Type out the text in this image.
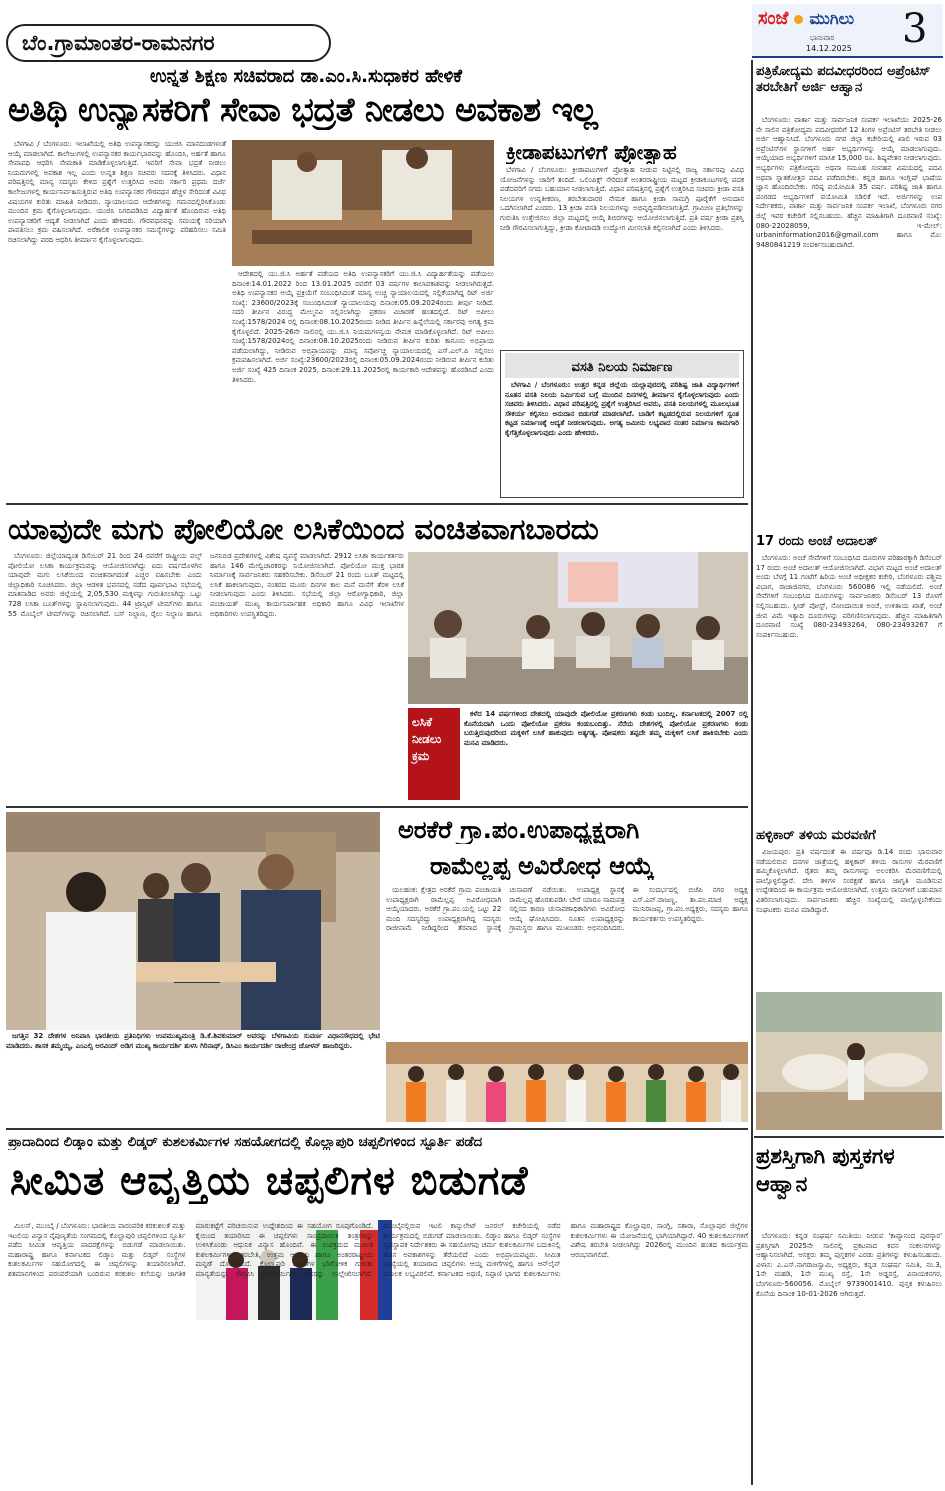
ಬೆಂ.ಗ್ರಾಮಾಂತರ-ರಾಮನಗರ
ಸಂಜೆ ಮುಗಿಲು
ಭಾನುವಾರ
14.12.2025 3
ಉನ್ನತ ಶಿಕ್ಷಣ ಸಚಿವರಾದ ಡಾ.ಎಂ.ಸಿ.ಸುಧಾಕರ ಹೇಳಿಕೆ
ಅತಿಥಿ ಉನ್ಯಾಸಕರಿಗೆ ಸೇವಾ ಭದ್ರತೆ ನೀಡಲು ಅವಕಾಶ ಇಲ್ಲ

ಬೆಳಗಾವಿ / ಬೆಂಗಳೂರು: ಇಲಾಖೆಯಲ್ಲಿ ಅತಿಥಿ ಉಪನ್ಯಾಸಕರನ್ನು ಯುಜಿಸಿ ಮಾನದಂಡಗಳಂತೆ ಆಯ್ಕೆ ಮಾಡಲಾಗಿದೆ. ಕಾಲೇಜುಗಳಲ್ಲಿ ಉಪನ್ಯಾಸಕರ ಕಾರ್ಯಭಾರವನ್ನು ಹೊಂದಿಸಿ, ಅರ್ಹತೆ ಹಾಗೂ ಸೇವಾವಧಿ ಆಧರಿಸಿ ನೇಮಕಾತಿ ಮಾಡಿಕೊಳ್ಳಲಾಗುತ್ತಿದೆ. ಇವರಿಗೆ ಸೇವಾ ಭದ್ರತೆ ನೀಡಲು ನಿಯಮಗಳಲ್ಲಿ ಅವಕಾಶ ಇಲ್ಲ ಎಂದು ಉನ್ನತ ಶಿಕ್ಷಣ ಸಚಿವರು ಸದನಕ್ಕೆ ತಿಳಿಸಿದರು. ವಿಧಾನ ಪರಿಷತ್ತಿನಲ್ಲಿ ಮಾನ್ಯ ಸದಸ್ಯರು ಕೇಳಿದ ಪ್ರಶ್ನೆಗೆ ಉತ್ತರಿಸಿದ ಅವರು ಸರ್ಕಾರಿ ಪ್ರಥಮ ದರ್ಜೆ ಕಾಲೇಜುಗಳಲ್ಲಿ ಕಾರ್ಯನಿರ್ವಹಿಸುತ್ತಿರುವ ಅತಿಥಿ ಉಪನ್ಯಾಸಕರ ಗೌರವಧನ ಹೆಚ್ಚಳ ಸೇರಿದಂತೆ ವಿವಿಧ ವಿಷಯಗಳ ಕುರಿತು ಮಾಹಿತಿ ನೀಡಿದರು. ನ್ಯಾಯಾಲಯದ ಆದೇಶಗಳನ್ನು ಗಮನದಲ್ಲಿರಿಸಿಕೊಂಡು ಮುಂದಿನ ಕ್ರಮ ಕೈಗೊಳ್ಳಲಾಗುವುದು. ಯುಜಿಸಿ ನಿಗದಿಪಡಿಸಿದ ವಿದ್ಯಾರ್ಹತೆ ಹೊಂದಿರುವ ಅತಿಥಿ ಉಪನ್ಯಾಸಕರಿಗೆ ಆದ್ಯತೆ ನೀಡಲಾಗಿದೆ ಎಂದು ಹೇಳಿದರು. ಗೌರವಧನವನ್ನು ಸಮಯಕ್ಕೆ ಸರಿಯಾಗಿ ಪಾವತಿಸಲು ಕ್ರಮ ವಹಿಸಲಾಗಿದೆ. ಅರೆಕಾಲಿಕ ಉಪನ್ಯಾಸಕರ ಸಮಸ್ಯೆಗಳನ್ನು ಪರಿಹರಿಸಲು ಸಮಿತಿ ರಚಿಸಲಾಗಿದ್ದು ವರದಿ ಆಧರಿಸಿ ತೀರ್ಮಾನ ಕೈಗೊಳ್ಳಲಾಗುವುದು.

ಆದೇಶದಲ್ಲಿ ಯು.ಜಿ.ಸಿ ಅರ್ಹತೆ ಪಡೆಯದ ಅತಿಥಿ ಉಪನ್ಯಾಸಕರಿಗೆ ಯು.ಜಿ.ಸಿ ವಿದ್ಯಾರ್ಹತೆಯನ್ನು ಪಡೆಯಲು ದಿನಾಂಕ:14.01.2022 ರಿಂದ 13.01.2025 ರವರೆಗೆ 03 ವರ್ಷಗಳ ಕಾಲಾವಕಾಶವನ್ನು ನೀಡಲಾಗಿರುತ್ತದೆ. ಅತಿಥಿ ಉಪನ್ಯಾಸಕರ ಆಯ್ಕೆ ಪ್ರಕ್ರಿಯೆಗೆ ಸಂಬಂಧಿಸಿದಂತೆ ಮಾನ್ಯ ಉಚ್ಚ ನ್ಯಾಯಾಲಯದಲ್ಲಿ ಸಲ್ಲಿಕೆಯಾಗಿದ್ದ ರಿಟ್ ಅರ್ಜಿ ಸಂಖ್ಯೆ: 23600/2023ಕ್ಕೆ ಸಂಬಂಧಿಸಿದಂತೆ ನ್ಯಾಯಾಲಯವು ದಿನಾಂಕ:05.09.2024ರಂದು ತೀರ್ಪು ನೀಡಿದೆ. ಸದರಿ ತೀರ್ಪಿನ ವಿರುದ್ಧ ಮೇಲ್ಮನವಿ ಸಲ್ಲಿಸಲಾಗಿದ್ದು ಪ್ರಕರಣ ವಿಚಾರಣೆ ಹಂತದಲ್ಲಿದೆ. ರಿಟ್ ಅಪೀಲು ಸಂಖ್ಯೆ:1578/2024 ರಲ್ಲಿ ದಿನಾಂಕ:08.10.2025ರಂದು ನೀಡಿದ ತೀರ್ಪಿನ ಹಿನ್ನೆಲೆಯಲ್ಲಿ ಸರ್ಕಾರವು ಅಗತ್ಯ ಕ್ರಮ ಕೈಗೊಳ್ಳಲಿದೆ. 2025-26ನೇ ಸಾಲಿನಲ್ಲಿ ಯು.ಜಿ.ಸಿ ನಿಯಮಗಳನ್ವಯ ನೇಮಕ ಮಾಡಿಕೊಳ್ಳಲಾಗಿದೆ. ರಿಟ್ ಅಪೀಲು ಸಂಖ್ಯೆ:1578/2024ರಲ್ಲಿ ದಿನಾಂಕ:08.10.2025ರಂದು ನೀಡಿರುವ ತೀರ್ಪಿನ ಕುರಿತು ಕಾನೂನು ಅಭಿಪ್ರಾಯ ಪಡೆಯಲಾಗಿದ್ದು, ನೀಡಿರುವ ಅಭಿಪ್ರಾಯವನ್ನು ಮಾನ್ಯ ಸರ್ವೋಚ್ಚ ನ್ಯಾಯಾಲಯದಲ್ಲಿ ಎಸ್.ಎಲ್.ಪಿ ಸಲ್ಲಿಸಲು ಕ್ರಮವಹಿಸಲಾಗಿದೆ. ಅರ್ಜಿ ಸಂಖ್ಯೆ:23600/2023ರಲ್ಲಿ ದಿನಾಂಕ:05.09.2024ರಂದು ನೀಡಿರುವ ತೀರ್ಪಿನ ಕುರಿತು ಅರ್ಜಿ ಸಂಖ್ಯೆ 425 ದಿನಾಂಕ 2025, ದಿನಾಂಕ:29.11.2025ರಲ್ಲಿ ಕಾರ್ಯಕಾರಿ ಆದೇಶವನ್ನು ಹೊರಡಿಸಿದೆ ಎಂದು ತಿಳಿಸಿದರು.

ಕ್ರೀಡಾಪಟುಗಳಿಗೆ ಪ್ರೋತ್ಸಾಹ

ಬೆಳಗಾವಿ / ಬೆಂಗಳೂರು: ಕ್ರೀಡಾಪಟುಗಳಿಗೆ ಪ್ರೋತ್ಸಾಹ ನೀಡುವ ನಿಟ್ಟಿನಲ್ಲಿ ರಾಜ್ಯ ಸರ್ಕಾರವು ವಿವಿಧ ಯೋಜನೆಗಳನ್ನು ಜಾರಿಗೆ ತಂದಿದೆ. ಒಲಿಂಪಿಕ್ಸ್ ಸೇರಿದಂತೆ ಅಂತರರಾಷ್ಟ್ರೀಯ ಮಟ್ಟದ ಕ್ರೀಡಾಕೂಟಗಳಲ್ಲಿ ಪದಕ ಪಡೆದವರಿಗೆ ನಗದು ಬಹುಮಾನ ನೀಡಲಾಗುತ್ತಿದೆ. ವಿಧಾನ ಪರಿಷತ್ತಿನಲ್ಲಿ ಪ್ರಶ್ನೆಗೆ ಉತ್ತರಿಸಿದ ಸಚಿವರು ಕ್ರೀಡಾ ವಸತಿ ನಿಲಯಗಳ ಉನ್ನತೀಕರಣ, ತರಬೇತುದಾರರ ನೇಮಕ ಹಾಗೂ ಕ್ರೀಡಾ ಸಾಮಗ್ರಿ ಪೂರೈಕೆಗೆ ಅನುದಾನ ಒದಗಿಸಲಾಗಿದೆ ಎಂದರು. 13 ಕ್ರೀಡಾ ವಸತಿ ನಿಲಯಗಳನ್ನು ಅಭಿವೃದ್ಧಿಪಡಿಸಲಾಗುತ್ತಿದೆ. ಗ್ರಾಮೀಣ ಪ್ರತಿಭೆಗಳನ್ನು ಗುರುತಿಸಿ ಉತ್ತೇಜಿಸಲು ಜಿಲ್ಲಾ ಮಟ್ಟದಲ್ಲಿ ಆಯ್ಕೆ ಶಿಬಿರಗಳನ್ನು ಆಯೋಜಿಸಲಾಗುತ್ತಿದೆ. ಪ್ರತಿ ವರ್ಷ ಕ್ರೀಡಾ ಪ್ರಶಸ್ತಿ ನೀಡಿ ಗೌರವಿಸಲಾಗುತ್ತಿದ್ದು, ಕ್ರೀಡಾ ಕೋಟಾದಡಿ ಉದ್ಯೋಗ ಮೀಸಲಾತಿ ಕಲ್ಪಿಸಲಾಗಿದೆ ಎಂದು ತಿಳಿಸಿದರು.

ವಸತಿ ನಿಲಯ ನಿರ್ಮಾಣ

ಬೆಳಗಾವಿ / ಬೆಂಗಳೂರು: ಉತ್ತರ ಕನ್ನಡ ಜಿಲ್ಲೆಯ ಯಲ್ಲಾಪುರದಲ್ಲಿ ಪರಿಶಿಷ್ಟ ಜಾತಿ ವಿದ್ಯಾರ್ಥಿಗಳಿಗೆ ನೂತನ ವಸತಿ ನಿಲಯ ನಿರ್ಮಿಸುವ ಬಗ್ಗೆ ಮುಂದಿನ ದಿನಗಳಲ್ಲಿ ತೀರ್ಮಾನ ಕೈಗೊಳ್ಳಲಾಗುವುದು ಎಂದು ಸಚಿವರು ತಿಳಿಸಿದರು. ವಿಧಾನ ಪರಿಷತ್ತಿನಲ್ಲಿ ಪ್ರಶ್ನೆಗೆ ಉತ್ತರಿಸಿದ ಅವರು, ವಸತಿ ನಿಲಯಗಳಲ್ಲಿ ಮೂಲಭೂತ ಸೌಕರ್ಯ ಕಲ್ಪಿಸಲು ಅನುದಾನ ಬಿಡುಗಡೆ ಮಾಡಲಾಗಿದೆ. ಬಾಡಿಗೆ ಕಟ್ಟಡದಲ್ಲಿರುವ ನಿಲಯಗಳಿಗೆ ಸ್ವಂತ ಕಟ್ಟಡ ನಿರ್ಮಾಣಕ್ಕೆ ಆದ್ಯತೆ ನೀಡಲಾಗುವುದು. ಅಗತ್ಯ ಜಮೀನು ಲಭ್ಯವಾದ ನಂತರ ನಿರ್ಮಾಣ ಕಾಮಗಾರಿ ಕೈಗೆತ್ತಿಕೊಳ್ಳಲಾಗುವುದು ಎಂದು ಹೇಳಿದರು.

ಯಾವುದೇ ಮಗು ಪೋಲಿಯೋ ಲಸಿಕೆಯಿಂದ ವಂಚಿತವಾಗಬಾರದು

ಬೆಂಗಳೂರು: ಜಿಲ್ಲೆಯಾದ್ಯಂತ ಡಿಸೆಂಬರ್ 21 ರಿಂದ 24 ರವರೆಗೆ ರಾಷ್ಟ್ರೀಯ ಪಲ್ಸ್ ಪೋಲಿಯೋ ಲಸಿಕಾ ಕಾರ್ಯಕ್ರಮವನ್ನು ಆಯೋಜಿಸಲಾಗಿದ್ದು ಐದು ವರ್ಷದೊಳಗಿನ ಯಾವುದೇ ಮಗು ಲಸಿಕೆಯಿಂದ ವಂಚಿತವಾಗದಂತೆ ಎಚ್ಚರ ವಹಿಸಬೇಕು ಎಂದು ಜಿಲ್ಲಾಧಿಕಾರಿ ಸೂಚಿಸಿದರು. ಜಿಲ್ಲಾ ಆಡಳಿತ ಭವನದಲ್ಲಿ ನಡೆದ ಪೂರ್ವಭಾವಿ ಸಭೆಯಲ್ಲಿ ಮಾತನಾಡಿದ ಅವರು ಜಿಲ್ಲೆಯಲ್ಲಿ 2,05,530 ಮಕ್ಕಳನ್ನು ಗುರುತಿಸಲಾಗಿದ್ದು ಒಟ್ಟು 728 ಲಸಿಕಾ ಬೂತ್‌ಗಳನ್ನು ಸ್ಥಾಪಿಸಲಾಗುವುದು. 44 ಟ್ರಾನ್ಸಿಟ್ ಟೀಮ್‌ಗಳು ಹಾಗೂ 55 ಮೊಬೈಲ್ ಟೀಮ್‌ಗಳನ್ನು ರಚಿಸಲಾಗಿದೆ. ಬಸ್ ನಿಲ್ದಾಣ, ರೈಲು ನಿಲ್ದಾಣ ಹಾಗೂ ಜನನಿಬಿಡ ಪ್ರದೇಶಗಳಲ್ಲಿ ವಿಶೇಷ ವ್ಯವಸ್ಥೆ ಮಾಡಲಾಗಿದೆ. 2912 ಲಸಿಕಾ ಕಾರ್ಯಕರ್ತರು ಹಾಗೂ 146 ಮೇಲ್ವಿಚಾರಕರನ್ನು ನಿಯೋಜಿಸಲಾಗಿದೆ. ಪೋಲಿಯೋ ಮುಕ್ತ ಭಾರತ ನಿರ್ಮಾಣಕ್ಕೆ ಸಾರ್ವಜನಿಕರು ಸಹಕರಿಸಬೇಕು. ಡಿಸೆಂಬರ್ 21 ರಂದು ಬೂತ್ ಮಟ್ಟದಲ್ಲಿ ಲಸಿಕೆ ಹಾಕಲಾಗುವುದು, ನಂತರದ ಮೂರು ದಿನಗಳ ಕಾಲ ಮನೆ ಮನೆಗೆ ತೆರಳಿ ಲಸಿಕೆ ನೀಡಲಾಗುವುದು ಎಂದು ತಿಳಿಸಿದರು. ಸಭೆಯಲ್ಲಿ ಜಿಲ್ಲಾ ಆರೋಗ್ಯಾಧಿಕಾರಿ, ಜಿಲ್ಲಾ ಪಂಚಾಯತ್ ಮುಖ್ಯ ಕಾರ್ಯನಿರ್ವಾಹಕ ಅಧಿಕಾರಿ ಹಾಗೂ ವಿವಿಧ ಇಲಾಖೆಗಳ ಅಧಿಕಾರಿಗಳು ಉಪಸ್ಥಿತರಿದ್ದರು.

ಲಸಿಕೆ ನೀಡಲು ಕ್ರಮ

ಕಳೆದ 14 ವರ್ಷಗಳಿಂದ ದೇಶದಲ್ಲಿ ಯಾವುದೇ ಪೋಲಿಯೋ ಪ್ರಕರಣಗಳು ಕಂಡು ಬಂದಿಲ್ಲ. ಕರ್ನಾಟಕದಲ್ಲಿ 2007 ರಲ್ಲಿ ಕೊನೆಯದಾಗಿ ಒಂದು ಪೋಲಿಯೋ ಪ್ರಕರಣ ಕಂಡುಬಂದಿತ್ತು. ನೆರೆಯ ದೇಶಗಳಲ್ಲಿ ಪೋಲಿಯೋ ಪ್ರಕರಣಗಳು ಕಂಡು ಬರುತ್ತಿರುವುದರಿಂದ ಮಕ್ಕಳಿಗೆ ಲಸಿಕೆ ಹಾಕುವುದು ಅತ್ಯಗತ್ಯ. ಪೋಷಕರು ತಪ್ಪದೇ ತಮ್ಮ ಮಕ್ಕಳಿಗೆ ಲಸಿಕೆ ಹಾಕಿಸಬೇಕು ಎಂದು ಮನವಿ ಮಾಡಿದರು.

ಜಗತ್ತಿನ 32 ದೇಶಗಳ ಅನಿವಾಸಿ ಭಾರತೀಯ ಪ್ರತಿನಿಧಿಗಳು ಉಪಮುಖ್ಯಮಂತ್ರಿ ಡಿ.ಕೆ.ಶಿವಕುಮಾರ್ ಅವರನ್ನು ಬೆಳಗಾವಿಯ ಸುವರ್ಣ ವಿಧಾನಸೌಧದಲ್ಲಿ ಭೇಟಿ ಮಾಡಿದರು. ಶಾಸಕ ತಮ್ಮಯ್ಯ, ಎಂಎಲ್ಸಿ ಅರವಿಂದ್ ಅಡಿಗ ಮುಖ್ಯ ಕಾರ್ಯದರ್ಶಿ ತುಳಸಿ ಗಿರಿನಾಥ್, ಡಿಸಿಎಂ ಕಾರ್ಯದರ್ಶಿ ರಾಜೇಂದ್ರ ಚೋಳನ್ ಹಾಜರಿದ್ದರು.

ಅರಕೆರೆ ಗ್ರಾ.ಪಂ.ಉಪಾಧ್ಯಕ್ಷರಾಗಿ
ರಾಮೆಲ್ಲಪ್ಪ ಅವಿರೋಧ ಆಯ್ಕೆ

ಯಲಹಂಕ: ಕ್ಷೇತ್ರದ ಅರಕೆರೆ ಗ್ರಾಮ ಪಂಚಾಯತಿ ಉಪಾಧ್ಯಕ್ಷರಾಗಿ ರಾಮೆಲ್ಲಪ್ಪ ಅವಿರೋಧವಾಗಿ ಆಯ್ಕೆಯಾದರು. ಅರಕೆರೆ ಗ್ರಾ.ಪಂ.ಯಲ್ಲಿ ಒಟ್ಟು 22 ಮಂದಿ ಸದಸ್ಯರಿದ್ದು ಉಪಾಧ್ಯಕ್ಷರಾಗಿದ್ದ ಸದಸ್ಯರು ರಾಜೀನಾಮೆ ನೀಡಿದ್ದರಿಂದ ತೆರವಾದ ಸ್ಥಾನಕ್ಕೆ ಚುನಾವಣೆ ನಡೆಯಿತು. ಉಪಾಧ್ಯಕ್ಷ ಸ್ಥಾನಕ್ಕೆ ರಾಮೆಲ್ಲಪ್ಪ ಹೊರತುಪಡಿಸಿ ಬೇರೆ ಯಾರೂ ನಾಮಪತ್ರ ಸಲ್ಲಿಸದ ಕಾರಣ ಚುನಾವಣಾಧಿಕಾರಿಗಳು ಅವಿರೋಧ ಆಯ್ಕೆ ಘೋಷಿಸಿದರು. ನೂತನ ಉಪಾಧ್ಯಕ್ಷರನ್ನು ಗ್ರಾಮಸ್ಥರು ಹಾಗೂ ಮುಖಂಡರು ಅಭಿನಂದಿಸಿದರು. ಈ ಸಂದರ್ಭದಲ್ಲಿ ಬಿಜೆಪಿ ನಗರ ಅಧ್ಯಕ್ಷ ಎಸ್.ಎನ್.ರಾಜಣ್ಣ, ತಾ.ಪಂ.ಮಾಜಿ ಅಧ್ಯಕ್ಷ ಮುನಿರಾಜಪ್ಪ, ಗ್ರಾ.ಪಂ.ಅಧ್ಯಕ್ಷರು, ಸದಸ್ಯರು ಹಾಗೂ ಕಾರ್ಯಕರ್ತರು ಉಪಸ್ಥಿತರಿದ್ದರು.

ಪ್ರಾದಾದಿಂದ ಲಿಡ್ಕಾಂ ಮತ್ತು ಲಿಡ್ಕರ್ ಕುಶಲಕರ್ಮಿಗಳ ಸಹಯೋಗದಲ್ಲಿ ಕೊಲ್ಹಾಪುರಿ ಚಪ್ಪಲಿಗಳಿಂದ ಸ್ಫೂರ್ತಿ ಪಡೆದ
ಸೀಮಿತ ಆವೃತ್ತಿಯ ಚಪ್ಪಲಿಗಳ ಬಿಡುಗಡೆ

ಮಿಲನ್, ಮುಂಬೈ / ಬೆಂಗಳೂರು: ಭಾರತೀಯ ಪಾರಂಪರಿಕ ಕರಕುಶಲತೆ ಮತ್ತು ಇಟಲಿಯ ವಿನ್ಯಾಸ ನೈಪುಣ್ಯತೆಯ ಸಂಗಮದಲ್ಲಿ ಕೊಲ್ಹಾಪುರಿ ಚಪ್ಪಲಿಗಳಿಂದ ಸ್ಫೂರ್ತಿ ಪಡೆದ ಸೀಮಿತ ಆವೃತ್ತಿಯ ಪಾದರಕ್ಷೆಗಳನ್ನು ಬಿಡುಗಡೆ ಮಾಡಲಾಯಿತು. ಮಹಾರಾಷ್ಟ್ರ ಹಾಗೂ ಕರ್ನಾಟಕದ ಲಿಡ್ಕಾಂ ಮತ್ತು ಲಿಡ್ಕರ್ ಸಂಸ್ಥೆಗಳ ಕುಶಲಕರ್ಮಿಗಳ ಸಹಯೋಗದಲ್ಲಿ ಈ ಚಪ್ಪಲಿಗಳನ್ನು ತಯಾರಿಸಲಾಗಿದೆ. ಶತಮಾನಗಳಿಂದ ಪರಂಪರೆಯಾಗಿ ಬಂದಿರುವ ಕರಕುಶಲ ಕಲೆಯನ್ನು ಜಾಗತಿಕ ಮಾರುಕಟ್ಟೆಗೆ ಪರಿಚಯಿಸುವ ಉದ್ದೇಶದಿಂದ ಈ ಸಹಯೋಗ ರೂಪುಗೊಂಡಿದೆ. ಕೈಯಿಂದ ತಯಾರಿಸಿದ ಈ ಚಪ್ಪಲಿಗಳು ಸಾಂಪ್ರದಾಯಿಕ ತಂತ್ರಗಳನ್ನು ಉಳಿಸಿಕೊಂಡು ಆಧುನಿಕ ವಿನ್ಯಾಸ ಹೊಂದಿವೆ. ಈ ಉಪಕ್ರಮದ ಮೂಲಕ ಕುಶಲಕರ್ಮಿಗಳಿಗೆ ತರಬೇತಿ, ಉತ್ತಮ ಆದಾಯ ಹಾಗೂ ಅಂತರರಾಷ್ಟ್ರೀಯ ಮನ್ನಣೆ ದೊರೆಯಲಿದೆ. ಕೊಲ್ಹಾಪುರಿ ಚಪ್ಪಲಿಗಳ ಭೌಗೋಳಿಕ ಗುರುತು ಮಾನ್ಯತೆಯನ್ನು ಗೌರವಿಸಿ ಕುಶಲಕರ್ಮಿಗಳ ಹೆಸರನ್ನು ಉಲ್ಲೇಖಿಸಲಾಗಿದೆ. ಮುಂಬೈನಲ್ಲಿರುವ ಇಟಲಿ ಕಾನ್ಸುಲೇಟ್ ಜನರಲ್ ಕಚೇರಿಯಲ್ಲಿ ನಡೆದ ಕಾರ್ಯಕ್ರಮದಲ್ಲಿ ಬಿಡುಗಡೆ ಮಾಡಲಾಯಿತು. ಲಿಡ್ಕಾಂ ಹಾಗೂ ಲಿಡ್ಕರ್ ಸಂಸ್ಥೆಗಳ ವ್ಯವಸ್ಥಾಪಕ ನಿರ್ದೇಶಕರು ಈ ಸಹಯೋಗವು ಚರ್ಮ ಕುಶಲಕರ್ಮಿಗಳ ಬದುಕಿನಲ್ಲಿ ಹೊಸ ಅವಕಾಶಗಳನ್ನು ತೆರೆಯಲಿದೆ ಎಂದು ಅಭಿಪ್ರಾಯಪಟ್ಟರು. ಸೀಮಿತ ಸಂಖ್ಯೆಯಲ್ಲಿ ತಯಾರಾದ ಚಪ್ಪಲಿಗಳು ಆಯ್ದ ಮಳಿಗೆಗಳಲ್ಲಿ ಹಾಗೂ ಆನ್‌ಲೈನ್ ಮೂಲಕ ಲಭ್ಯವಿರಲಿವೆ. ಕರ್ನಾಟಕದ ಅಥಣಿ, ನಿಪ್ಪಾಣಿ ಭಾಗದ ಕುಶಲಕರ್ಮಿಗಳು ಹಾಗೂ ಮಹಾರಾಷ್ಟ್ರದ ಕೊಲ್ಹಾಪುರ, ಸಾಂಗ್ಲಿ, ಸತಾರಾ, ಸೊಲ್ಲಾಪುರ ಜಿಲ್ಲೆಗಳ ಕುಶಲಕರ್ಮಿಗಳು ಈ ಯೋಜನೆಯಲ್ಲಿ ಭಾಗಿಯಾಗಿದ್ದಾರೆ. 40 ಕುಶಲಕರ್ಮಿಗಳಿಗೆ ವಿಶೇಷ ತರಬೇತಿ ನೀಡಲಾಗಿದ್ದು 2026ರಲ್ಲಿ ಮುಂದಿನ ಹಂತದ ಕಾರ್ಯಕ್ರಮ ಆರಂಭವಾಗಲಿದೆ.

ಪತ್ರಿಕೋದ್ಯಮ ಪದವೀಧರರಿಂದ ಅಪ್ರೆಂಟಿಸ್ ತರಬೇತಿಗೆ ಅರ್ಜಿ ಆಹ್ವಾನ

ಬೆಂಗಳೂರು: ವಾರ್ತಾ ಮತ್ತು ಸಾರ್ವಜನಿಕ ಸಂಪರ್ಕ ಇಲಾಖೆಯು 2025-26 ನೇ ಸಾಲಿನ ಪತ್ರಿಕೋದ್ಯಮ ಪದವೀಧರರಿಗೆ 12 ತಿಂಗಳ ಅಪ್ರೆಂಟಿಸ್ ತರಬೇತಿ ನೀಡಲು ಅರ್ಜಿ ಆಹ್ವಾನಿಸಿದೆ. ಬೆಂಗಳೂರು ನಗರ ಜಿಲ್ಲಾ ಕಚೇರಿಯಲ್ಲಿ ಖಾಲಿ ಇರುವ 03 ಅಪ್ರೆಂಟಿಸ್‌ಗಳ ಸ್ಥಾನಗಳಿಗೆ ಅರ್ಹ ಅಭ್ಯರ್ಥಿಗಳನ್ನು ಆಯ್ಕೆ ಮಾಡಲಾಗುವುದು. ಆಯ್ಕೆಯಾದ ಅಭ್ಯರ್ಥಿಗಳಿಗೆ ಮಾಸಿಕ 15,000 ರೂ. ಶಿಷ್ಯವೇತನ ನೀಡಲಾಗುವುದು. ಅಭ್ಯರ್ಥಿಗಳು ಪತ್ರಿಕೋದ್ಯಮ ಅಥವಾ ಸಮೂಹ ಸಂವಹನ ವಿಷಯದಲ್ಲಿ ಪದವಿ ಅಥವಾ ಸ್ನಾತಕೋತ್ತರ ಪದವಿ ಪಡೆದಿರಬೇಕು. ಕನ್ನಡ ಹಾಗೂ ಇಂಗ್ಲಿಷ್ ಭಾಷೆಯ ಜ್ಞಾನ ಹೊಂದಿರಬೇಕು. ಗರಿಷ್ಠ ವಯೋಮಿತಿ 35 ವರ್ಷ. ಪರಿಶಿಷ್ಟ ಜಾತಿ ಹಾಗೂ ಪಂಗಡದ ಅಭ್ಯರ್ಥಿಗಳಿಗೆ ವಯೋಮಿತಿ ಸಡಿಲಿಕೆ ಇದೆ. ಅರ್ಜಿಗಳನ್ನು ಉಪ ನಿರ್ದೇಶಕರು, ವಾರ್ತಾ ಮತ್ತು ಸಾರ್ವಜನಿಕ ಸಂಪರ್ಕ ಇಲಾಖೆ, ಬೆಂಗಳೂರು ನಗರ ಜಿಲ್ಲೆ ಇವರ ಕಚೇರಿಗೆ ಸಲ್ಲಿಸಬಹುದು. ಹೆಚ್ಚಿನ ಮಾಹಿತಿಗಾಗಿ ದೂರವಾಣಿ ಸಂಖ್ಯೆ: 080-22028059, ಇ-ಮೇಲ್: urbaninformation2016@gmail.com ಹಾಗೂ ಮೊ: 9480841219 ಸಂಪರ್ಕಿಸಬಹುದಾಗಿದೆ.

17 ರಂದು ಅಂಚೆ ಅದಾಲತ್

ಬೆಂಗಳೂರು: ಅಂಚೆ ಸೇವೆಗಳಿಗೆ ಸಂಬಂಧಿಸಿದ ದೂರುಗಳ ಪರಿಹಾರಕ್ಕಾಗಿ ಡಿಸೆಂಬರ್ 17 ರಂದು ಅಂಚೆ ಅದಾಲತ್ ಆಯೋಜಿಸಲಾಗಿದೆ. ವಿಭಾಗ ಮಟ್ಟದ ಅಂಚೆ ಅದಾಲತ್ ಅಂದು ಬೆಳಗ್ಗೆ 11 ಗಂಟೆಗೆ ಹಿರಿಯ ಅಂಚೆ ಅಧೀಕ್ಷಕರ ಕಚೇರಿ, ಬೆಂಗಳೂರು ಪಶ್ಚಿಮ ವಿಭಾಗ, ರಾಜಾಜಿನಗರ, ಬೆಂಗಳೂರು 560086 ಇಲ್ಲಿ ನಡೆಯಲಿದೆ. ಅಂಚೆ ಸೇವೆಗಳಿಗೆ ಸಂಬಂಧಿಸಿದ ದೂರುಗಳನ್ನು ಸಾರ್ವಜನಿಕರು ಡಿಸೆಂಬರ್ 13 ರೊಳಗೆ ಸಲ್ಲಿಸಬಹುದು. ಸ್ಪೀಡ್ ಪೋಸ್ಟ್, ನೋಂದಾಯಿತ ಅಂಚೆ, ಉಳಿತಾಯ ಖಾತೆ, ಅಂಚೆ ಜೀವ ವಿಮೆ ಇತ್ಯಾದಿ ದೂರುಗಳನ್ನು ಪರಿಗಣಿಸಲಾಗುವುದು. ಹೆಚ್ಚಿನ ಮಾಹಿತಿಗಾಗಿ ದೂರವಾಣಿ ಸಂಖ್ಯೆ 080-23493264, 080-23493267 ಗೆ ಸಂಪರ್ಕಿಸಬಹುದು.

ಹಳ್ಳಿಕಾರ್ ತಳಿಯ ಮರವಣಿಗೆ

ವಿಜಯಪುರ: ಪ್ರತಿ ವರ್ಷದಂತೆ ಈ ವರ್ಷವೂ ಡಿ.14 ರಂದು ಭಾನುವಾರ ನಡೆಯಲಿರುವ ದನಗಳ ಜಾತ್ರೆಯಲ್ಲಿ ಹಳ್ಳಿಕಾರ್ ತಳಿಯ ರಾಸುಗಳ ಮೆರವಣಿಗೆ ಹಮ್ಮಿಕೊಳ್ಳಲಾಗಿದೆ. ರೈತರು ತಮ್ಮ ರಾಸುಗಳನ್ನು ಅಲಂಕರಿಸಿ ಮೆರವಣಿಗೆಯಲ್ಲಿ ಪಾಲ್ಗೊಳ್ಳಲಿದ್ದಾರೆ. ದೇಸಿ ತಳಿಗಳ ಸಂರಕ್ಷಣೆ ಹಾಗೂ ಜಾಗೃತಿ ಮೂಡಿಸುವ ಉದ್ದೇಶದಿಂದ ಈ ಕಾರ್ಯಕ್ರಮ ಆಯೋಜಿಸಲಾಗಿದೆ. ಉತ್ತಮ ರಾಸುಗಳಿಗೆ ಬಹುಮಾನ ವಿತರಿಸಲಾಗುವುದು. ಸಾರ್ವಜನಿಕರು ಹೆಚ್ಚಿನ ಸಂಖ್ಯೆಯಲ್ಲಿ ಪಾಲ್ಗೊಳ್ಳಬೇಕೆಂದು ಸಂಘಟಕರು ಮನವಿ ಮಾಡಿದ್ದಾರೆ.

ಪ್ರಶಸ್ತಿಗಾಗಿ ಪುಸ್ತಕಗಳ ಆಹ್ವಾನ

ಬೆಂಗಳೂರು: ಕನ್ನಡ ಸಂಘರ್ಷ ಸಮಿತಿಯು ನೀಡುವ 'ಕಾವ್ಯಾನಂದ ಪುರಸ್ಕಾರ' ಪ್ರಶಸ್ತಿಗಾಗಿ 2025ನೇ ಸಾಲಿನಲ್ಲಿ ಪ್ರಕಟವಾದ ಕವನ ಸಂಕಲನಗಳನ್ನು ಆಹ್ವಾನಿಸಲಾಗಿದೆ. ಆಸಕ್ತರು ತಮ್ಮ ಪುಸ್ತಕಗಳ ಎರಡು ಪ್ರತಿಗಳನ್ನು ಕಳುಹಿಸಬಹುದು. ವಿಳಾಸ: ಎ.ಎಸ್.ನಾಗರಾಜಸ್ವಾಮಿ, ಅಧ್ಯಕ್ಷರು, ಕನ್ನಡ ಸಂಘರ್ಷ ಸಮಿತಿ, ನಂ.3, 1ನೇ ಮಹಡಿ, 1ನೇ ಮುಖ್ಯ ರಸ್ತೆ, 1ನೇ ಅಡ್ಡರಸ್ತೆ, ವಿನಾಯಕನಗರ, ಬೆಂಗಳೂರು-560056. ಮೊಬೈಲ್ 9739001410. ಪುಸ್ತಕ ಕಳುಹಿಸಲು ಕೊನೆಯ ದಿನಾಂಕ 10-01-2026 ಆಗಿರುತ್ತದೆ.
